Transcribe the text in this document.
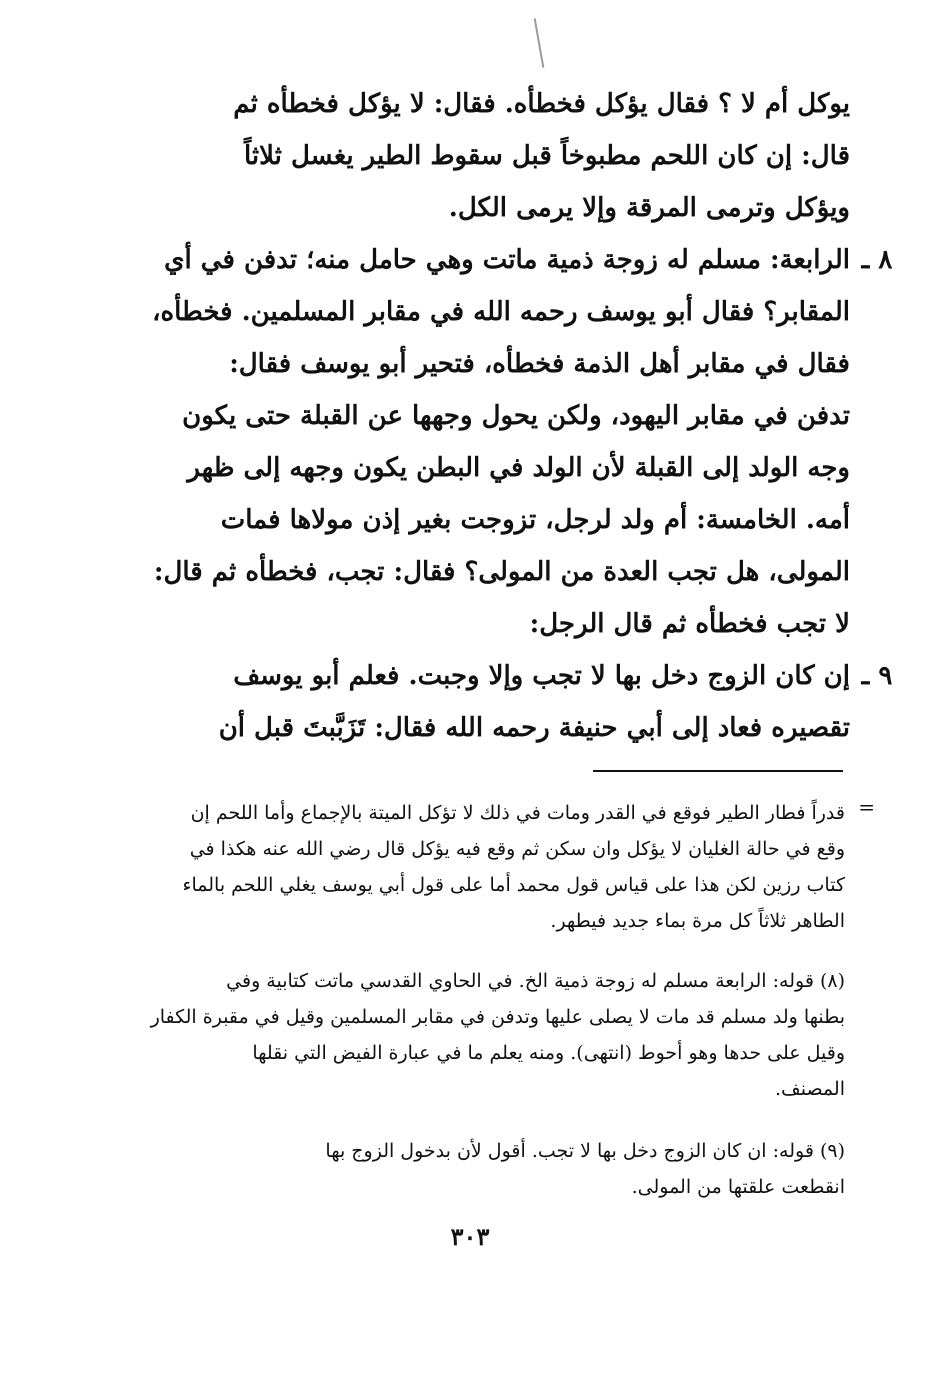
يوكل أم لا ؟ فقال يؤكل فخطأه. فقال: لا يؤكل فخطأه ثم
قال: إن كان اللحم مطبوخاً قبل سقوط الطير يغسل ثلاثاً
ويؤكل وترمى المرقة وإلا يرمى الكل.
٨ ـ
الرابعة: مسلم له زوجة ذمية ماتت وهي حامل منه؛ تدفن في أي
المقابر؟ فقال أبو يوسف رحمه الله في مقابر المسلمين. فخطأه،
فقال في مقابر أهل الذمة فخطأه، فتحير أبو يوسف فقال:
تدفن في مقابر اليهود، ولكن يحول وجهها عن القبلة حتى يكون
وجه الولد إلى القبلة لأن الولد في البطن يكون وجهه إلى ظهر
أمه. الخامسة: أم ولد لرجل، تزوجت بغير إذن مولاها فمات
المولى، هل تجب العدة من المولى؟ فقال: تجب، فخطأه ثم قال:
لا تجب فخطأه ثم قال الرجل:
٩ ـ
إن كان الزوج دخل بها لا تجب وإلا وجبت. فعلم أبو يوسف
تقصيره فعاد إلى أبي حنيفة رحمه الله فقال: تَزَبَّبتَ قبل أن
=
قدراً فطار الطير فوقع في القدر ومات في ذلك لا تؤكل الميتة بالإجماع وأما اللحم إن
وقع في حالة الغليان لا يؤكل وان سكن ثم وقع فيه يؤكل قال رضي الله عنه هكذا في
كتاب رزين لكن هذا على قياس قول محمد أما على قول أبي يوسف يغلي اللحم بالماء
الطاهر ثلاثاً كل مرة بماء جديد فيطهر.
(٨) قوله: الرابعة مسلم له زوجة ذمية الخ. في الحاوي القدسي ماتت كتابية وفي
بطنها ولد مسلم قد مات لا يصلى عليها وتدفن في مقابر المسلمين وقيل في مقبرة الكفار
وقيل على حدها وهو أحوط (انتهى). ومنه يعلم ما في عبارة الفيض التي نقلها
المصنف.
(٩) قوله: ان كان الزوج دخل بها لا تجب. أقول لأن بدخول الزوج بها
انقطعت علقتها من المولى.
٣٠٣
